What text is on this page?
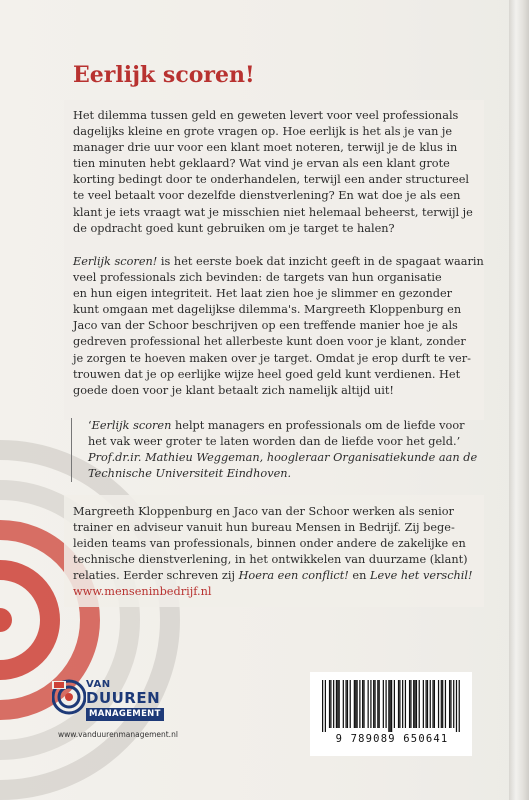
Eerlijk scoren!

Het dilemma tussen geld en geweten levert voor veel professionals
dagelijks kleine en grote vragen op. Hoe eerlijk is het als je van je
manager drie uur voor een klant moet noteren, terwijl je de klus in
tien minuten hebt geklaard? Wat vind je ervan als een klant grote
korting bedingt door te onderhandelen, terwijl een ander structureel
te veel betaalt voor dezelfde dienstverlening? En wat doe je als een
klant je iets vraagt wat je misschien niet helemaal beheerst, terwijl je
de opdracht goed kunt gebruiken om je target te halen?

Eerlijk scoren! is het eerste boek dat inzicht geeft in de spagaat waarin
veel professionals zich bevinden: de targets van hun organisatie
en hun eigen integriteit. Het laat zien hoe je slimmer en gezonder
kunt omgaan met dagelijkse dilemma's. Margreeth Kloppenburg en
Jaco van der Schoor beschrijven op een treffende manier hoe je als
gedreven professional het allerbeste kunt doen voor je klant, zonder
je zorgen te hoeven maken over je target. Omdat je erop durft te ver-
trouwen dat je op eerlijke wijze heel goed geld kunt verdienen. Het
goede doen voor je klant betaalt zich namelijk altijd uit!

‘Eerlijk scoren helpt managers en professionals om de liefde voor
het vak weer groter te laten worden dan de liefde voor het geld.’
Prof.dr.ir. Mathieu Weggeman, hoogleraar Organisatiekunde aan de
Technische Universiteit Eindhoven.

Margreeth Kloppenburg en Jaco van der Schoor werken als senior
trainer en adviseur vanuit hun bureau Mensen in Bedrijf. Zij bege-
leiden teams van professionals, binnen onder andere de zakelijke en
technische dienstverlening, in het ontwikkelen van duurzame (klant)
relaties. Eerder schreven zij Hoera een conflict! en Leve het verschil!
www.menseninbedrijf.nl

VAN
DUUREN
MANAGEMENT
www.vanduurenmanagement.nl	9 789089 650641
